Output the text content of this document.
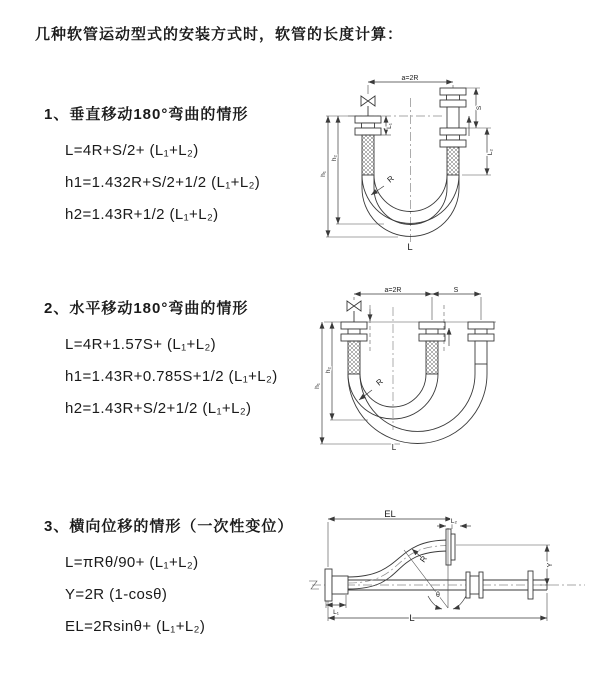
几种软管运动型式的安装方式时，软管的长度计算：
1、垂直移动180°弯曲的情形
L=4R+S/2+ (L₁+L₂)
h1=1.432R+S/2+1/2 (L₁+L₂)
h2=1.43R+1/2 (L₁+L₂)
2、水平移动180°弯曲的情形
L=4R+1.57S+ (L₁+L₂)
h1=1.43R+0.785S+1/2 (L₁+L₂)
h2=1.43R+S/2+1/2 (L₁+L₂)
3、横向位移的情形（一次性变位）
L=πRθ/90+ (L₁+L₂)
Y=2R (1-cosθ)
EL=2Rsinθ+ (L₁+L₂)
a=2R
h₁
h₂
L₁
S
L₂
R
L
a=2R	S
h₁
h₂
R
L
θ
EL
L₂
Y
R
L₁
L
